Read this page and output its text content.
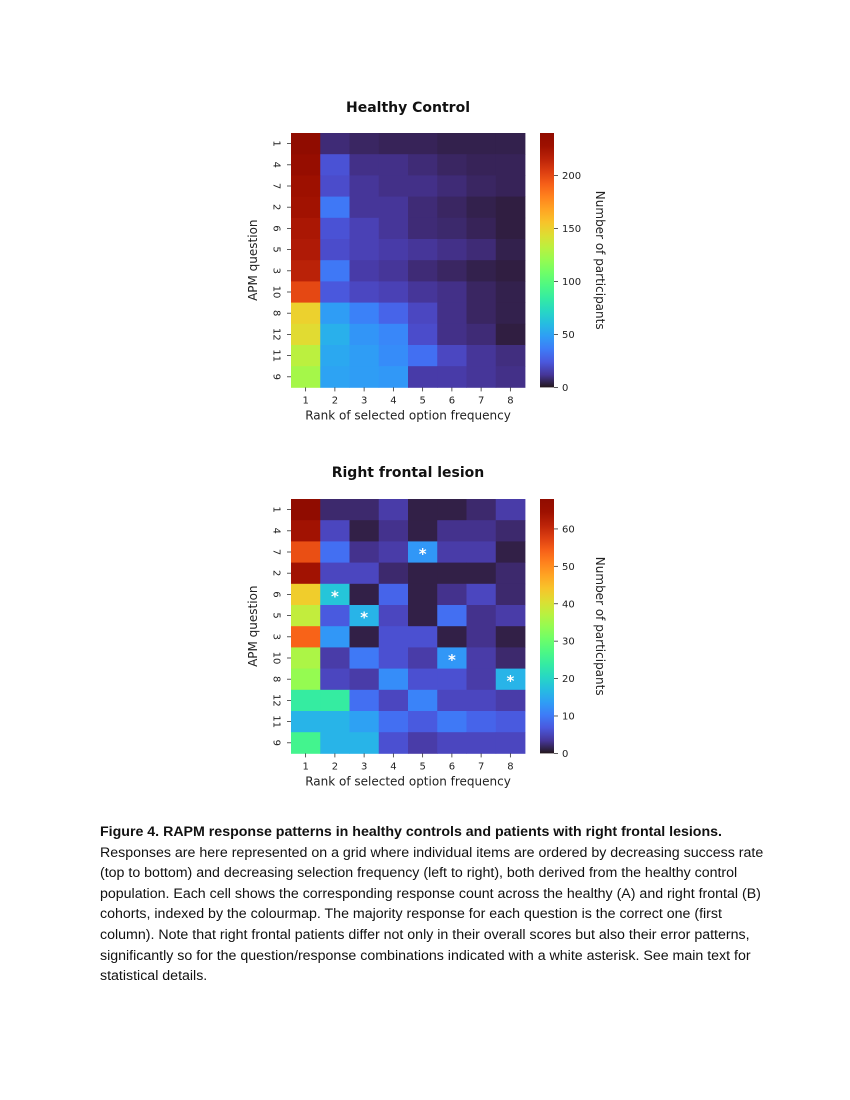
Healthy Control
1
4
7
2
6
5
3
10
8
12
11
9
1 2 3 4 5 6 7 8
Rank of selected option frequency
APM question
0
50
100
150
200
Number of participants
Right frontal lesion
*
*
*
*
*
1
4
7
2
6
5
3
10
8
12
11
9
1 2 3 4 5 6 7 8
Rank of selected option frequency
APM question
0
10
20
30
40
50
60
Number of participants
Figure 4. RAPM response patterns in healthy controls and patients with right frontal lesions. Responses are here represented on a grid where individual items are ordered by decreasing success rate (top to bottom) and decreasing selection frequency (left to right), both derived from the healthy control population. Each cell shows the corresponding response count across the healthy (A) and right frontal (B) cohorts, indexed by the colourmap. The majority response for each question is the correct one (first column). Note that right frontal patients differ not only in their overall scores but also their error patterns, significantly so for the question/response combinations indicated with a white asterisk. See main text for statistical details.
